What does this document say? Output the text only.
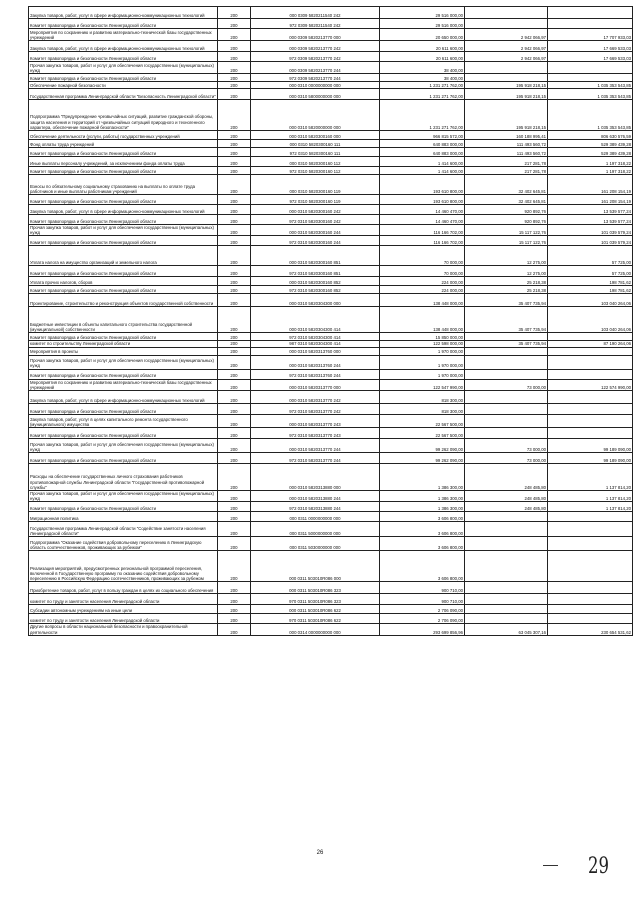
Закупка товаров, работ, услуг в сфере информационно-коммуникационных технологий	200	000 0309 5820211540 242	29 516 000,00		
Комитет правопорядка и безопасности Ленинградской области	200	972 0309 5820211540 242	29 516 000,00		
Мероприятия по сохранению и развитию материально-технической базы государственных учреждений	200	000 0309 5820213770 000	20 650 000,00	2 942 066,97	17 707 933,03
Закупка товаров, работ, услуг в сфере информационно-коммуникационных технологий	200	000 0309 5820213770 242	20 611 600,00	2 942 066,97	17 669 533,03
Комитет правопорядка и безопасности Ленинградской области	200	972 0309 5820213770 242	20 611 600,00	2 942 066,97	17 669 533,03
Прочая закупка товаров, работ и услуг для обеспечения государственных (муниципальных) нужд	200	000 0309 5820213770 244	38 400,00		
Комитет правопорядка и безопасности Ленинградской области	200	972 0309 5820213770 244	38 400,00		
Обеспечение пожарной безопасности	200	000 0310 0000000000 000	1 231 271 762,00	195 918 218,15	1 035 353 543,85
Государственная программа Ленинградской области "Безопасность Ленинградской области"	200	000 0310 5800000000 000	1 231 271 762,00	195 918 218,15	1 035 353 543,85
Подпрограмма "Предупреждение чрезвычайных ситуаций, развитие гражданской обороны, защита населения и территорий от чрезвычайных ситуаций природного и техногенного характера, обеспечение пожарной безопасности"	200	000 0310 5820000000 000	1 231 271 762,00	195 918 218,15	1 035 353 543,85
Обеспечение деятельности (услуги, работы) государственных учреждений	200	000 0310 5820300160 000	966 815 572,00	160 188 995,41	806 630 576,59
Фонд оплаты труда учреждений	200	000 0310 5820300160 111	640 883 000,00	111 493 560,72	529 389 439,28
Комитет правопорядка и безопасности Ленинградской области	200	972 0310 5820300160 111	640 883 000,00	111 493 560,72	529 389 439,28
Иные выплаты персоналу учреждений, за исключением фонда оплаты труда	200	000 0310 5820300160 112	1 414 600,00	217 281,78	1 197 318,22
Комитет правопорядка и безопасности Ленинградской области	200	972 0310 5820300160 112	1 414 600,00	217 281,78	1 197 318,22
Взносы по обязательному социальному страхованию на выплаты по оплате труда работников и иные выплаты работникам учреждений	200	000 0310 5820300160 119	193 610 800,00	32 402 645,81	161 208 154,19
Комитет правопорядка и безопасности Ленинградской области	200	972 0310 5820300160 119	193 610 800,00	32 402 645,81	161 208 154,19
Закупка товаров, работ, услуг в сфере информационно-коммуникационных технологий	200	000 0310 5820300160 242	14 460 470,00	920 892,76	13 539 577,24
Комитет правопорядка и безопасности Ленинградской области	200	972 0310 5820300160 242	14 460 470,00	920 892,76	13 539 577,24
Прочая закупка товаров, работ и услуг для обеспечения государственных (муниципальных) нужд	200	000 0310 5820300160 244	116 166 702,00	15 117 122,76	101 039 579,24
Комитет правопорядка и безопасности Ленинградской области	200	972 0310 5820300160 244	116 166 702,00	15 117 122,76	101 039 579,24
Уплата налога на имущество организаций и земельного налога	200	000 0310 5820300160 851	70 000,00	12 275,00	57 725,00
Комитет правопорядка и безопасности Ленинградской области	200	972 0310 5820300160 851	70 000,00	12 275,00	57 725,00
Уплата прочих налогов, сборов	200	000 0310 5820300160 852	224 000,00	25 218,38	198 781,62
Комитет правопорядка и безопасности Ленинградской области	200	972 0310 5820300160 852	224 000,00	25 218,38	198 781,62
Проектирование, строительство и реконструкция объектов государственной собственности	200	000 0310 5820304300 000	138 448 000,00	35 407 735,94	103 040 264,06
Бюджетные инвестиции в объекты капитального строительства государственной (муниципальной) собственности	200	000 0310 5820304300 414	138 448 000,00	35 407 735,94	103 040 264,06
Комитет правопорядка и безопасности Ленинградской области	200	972 0310 5820304300 414	15 850 000,00		
комитет по строительству Ленинградской области	200	987 0310 5820304300 414	122 598 000,00	35 407 735,94	87 190 264,06
Мероприятия в проекты	200	000 0310 5820313760 000	1 970 000,00		
Прочая закупка товаров, работ и услуг для обеспечения государственных (муниципальных) нужд	200	000 0310 5820313760 244	1 970 000,00		
Комитет правопорядка и безопасности Ленинградской области	200	972 0310 5820313760 244	1 970 000,00		
Мероприятия по сохранению и развитию материально-технической базы государственных учреждений	200	000 0310 5820313770 000	122 547 990,00	73 000,00	122 574 990,00
Закупка товаров, работ, услуг в сфере информационно-коммуникационных технологий	200	000 0310 5820313770 242	818 300,00		
Комитет правопорядка и безопасности Ленинградской области	200	972 0310 5820313770 242	818 300,00		
Закупка товаров, работ, услуг в целях капитального ремонта государственного (муниципального) имущества	200	000 0310 5820313770 243	22 567 500,00		
Комитет правопорядка и безопасности Ленинградской области	200	972 0310 5820313770 243	22 567 500,00		
Прочая закупка товаров, работ и услуг для обеспечения государственных (муниципальных) нужд	200	000 0310 5820313770 244	99 262 090,00	73 000,00	99 189 090,00
Комитет правопорядка и безопасности Ленинградской области	200	972 0310 5820313770 244	99 262 090,00	73 000,00	99 189 090,00
Расходы на обеспечение государственных личного страхования работников противопожарной службы Ленинградской области "Государственной противопожарной службы"	200	000 0310 5820313880 000	1 386 300,00	248 485,80	1 137 814,20
Прочая закупка товаров, работ и услуг для обеспечения государственных (муниципальных) нужд	200	000 0310 5820313880 244	1 386 300,00	248 485,80	1 137 814,20
Комитет правопорядка и безопасности Ленинградской области	200	972 0310 5820313880 244	1 386 300,00	248 485,80	1 137 814,20
Миграционная политика	200	000 0311 0000000000 000	3 606 800,00		
Государственная программа Ленинградской области "Содействие занятости населения Ленинградской области"	200	000 0311 5000000000 000	3 606 800,00		
Подпрограмма "Оказание содействия добровольному переселению в Ленинградскую область соотечественников, проживающих за рубежом"	200	000 0311 5030000000 000	3 606 800,00		
Реализация мероприятий, предусмотренных региональной программой переселения, включенной в Государственную программу по оказанию содействия добровольному переселению в Российскую Федерацию соотечественников, проживающих за рубежом	200	000 0311 503010R086 000	3 606 800,00		
Приобретение товаров, работ, услуг в пользу граждан в целях их социального обеспечения	200	000 0311 503010R086 323	900 710,00		
комитет по труду и занятости населения Ленинградской области	200	970 0311 503010R086 323	900 710,00		
Субсидии автономным учреждениям на иные цели	200	000 0311 503010R086 622	2 706 090,00		
комитет по труду и занятости населения Ленинградской области	200	970 0311 503010R086 622	2 706 090,00		
Другие вопросы в области национальной безопасности и правоохранительной деятельности	200	000 0314 0000000000 000	293 699 856,96	63 045 307,16	230 654 531,62
26
29
